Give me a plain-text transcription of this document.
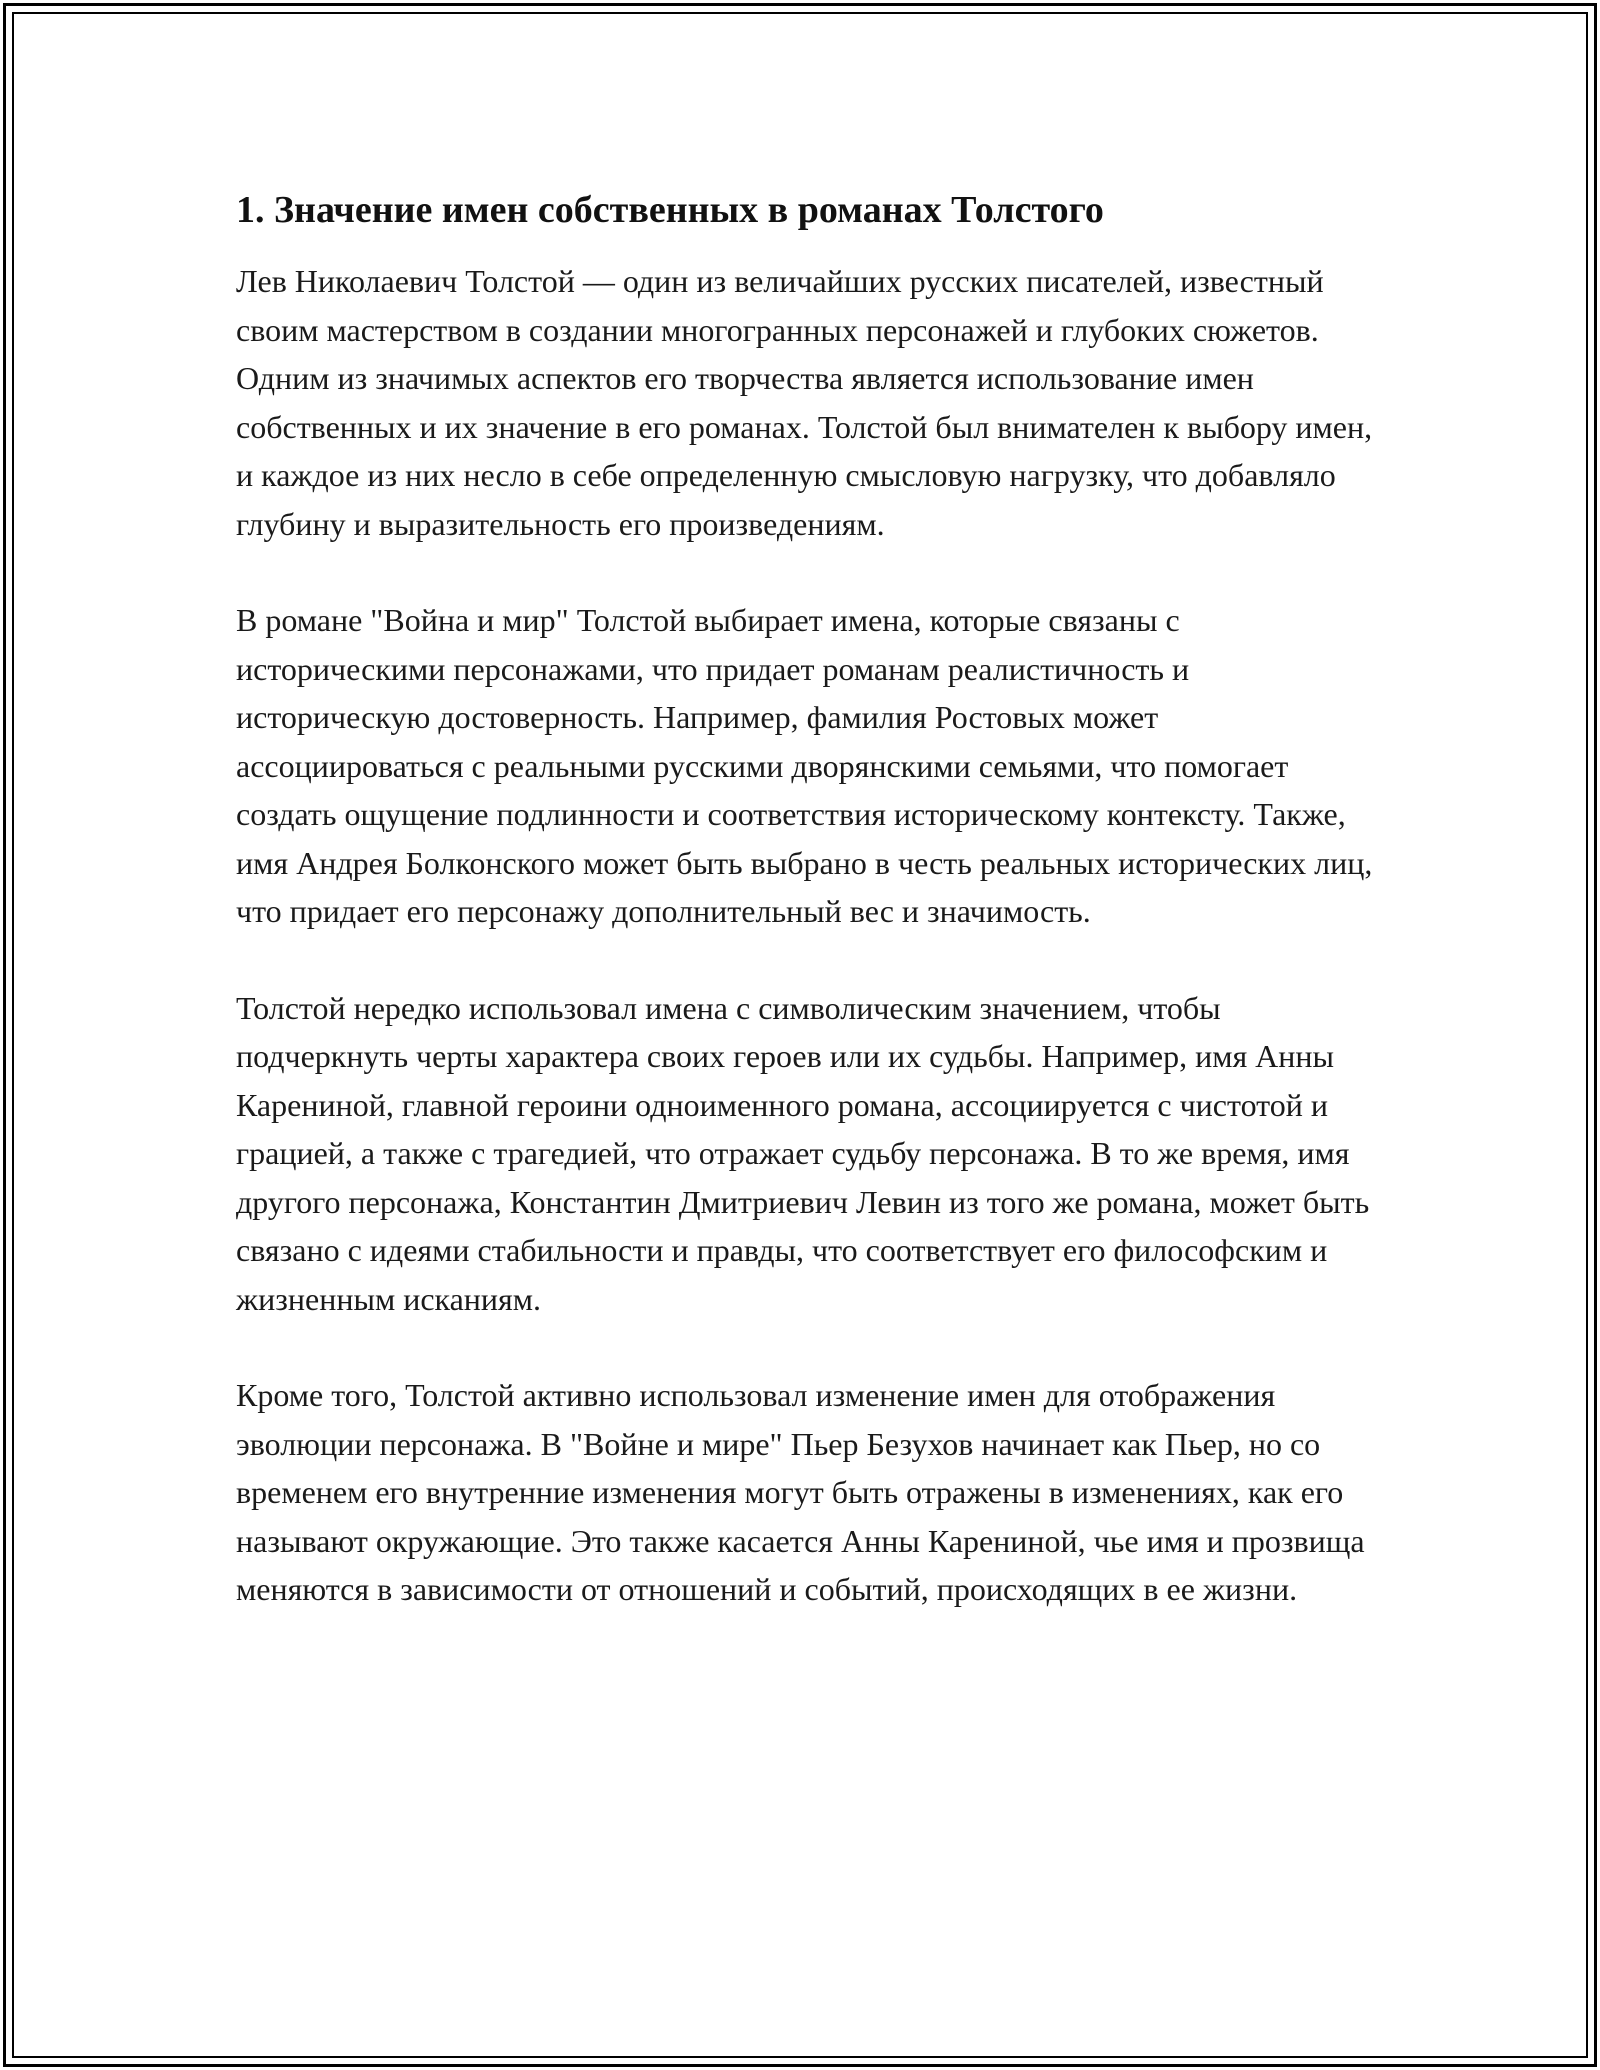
1. Значение имен собственных в романах Толстого

Лев Николаевич Толстой — один из величайших русских писателей, известный своим мастерством в создании многогранных персонажей и глубоких сюжетов. Одним из значимых аспектов его творчества является использование имен собственных и их значение в его романах. Толстой был внимателен к выбору имен, и каждое из них несло в себе определенную смысловую нагрузку, что добавляло глубину и выразительность его произведениям.

В романе "Война и мир" Толстой выбирает имена, которые связаны с историческими персонажами, что придает романам реалистичность и историческую достоверность. Например, фамилия Ростовых может ассоциироваться с реальными русскими дворянскими семьями, что помогает создать ощущение подлинности и соответствия историческому контексту. Также, имя Андрея Болконского может быть выбрано в честь реальных исторических лиц, что придает его персонажу дополнительный вес и значимость.

Толстой нередко использовал имена с символическим значением, чтобы подчеркнуть черты характера своих героев или их судьбы. Например, имя Анны Карениной, главной героини одноименного романа, ассоциируется с чистотой и грацией, а также с трагедией, что отражает судьбу персонажа. В то же время, имя другого персонажа, Константин Дмитриевич Левин из того же романа, может быть связано с идеями стабильности и правды, что соответствует его философским и жизненным исканиям.

Кроме того, Толстой активно использовал изменение имен для отображения эволюции персонажа. В "Войне и мире" Пьер Безухов начинает как Пьер, но со временем его внутренние изменения могут быть отражены в изменениях, как его называют окружающие. Это также касается Анны Карениной, чье имя и прозвища меняются в зависимости от отношений и событий, происходящих в ее жизни.
